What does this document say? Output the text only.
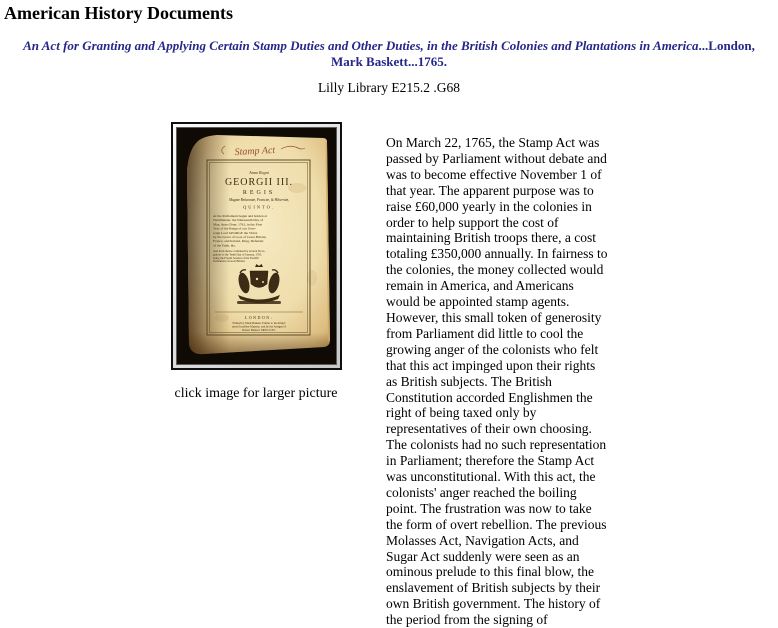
American History Documents
An Act for Granting and Applying Certain Stamp Duties and Other Duties, in the British Colonies and Plantations in America...London, Mark Baskett...1765.
Lilly Library E215.2 .G68
Stamp Act
Anno Regni
GEORGII III.
REGIS
Magnæ Britanniæ, Franciæ, & Hiberniæ,
QUINTO.
At the Parliament begun and holden at
Westminster, the Nineteenth Day of
May, Anno Dom. 1761, in the First
Year of the Reign of our Sove-
reign Lord GEORGE the Third,
by the Grace of God, of Great Britain,
France, and Ireland, King, Defender
of the Faith, &c.
And from thence continued by several Proro-
gations to the Tenth Day of January, 1765,
being the Fourth Session of the Twelfth
Parliament of Great Britain.
LONDON:
Printed by Mark Baskett, Printer to the King's
most Excellent Majesty; and by the Assigns of
Robert Baskett. MDCCLXV.
click image for larger picture
On March 22, 1765, the Stamp Act was passed by Parliament without debate and was to become effective November 1 of that year. The apparent purpose was to raise £60,000 yearly in the colonies in order to help support the cost of maintaining British troops there, a cost totaling £350,000 annually. In fairness to the colonies, the money collected would remain in America, and Americans would be appointed stamp agents. However, this small token of generosity from Parliament did little to cool the growing anger of the colonists who felt that this act impinged upon their rights as British subjects. The British Constitution accorded Englishmen the right of being taxed only by representatives of their own choosing. The colonists had no such representation in Parliament; therefore the Stamp Act was unconstitutional. With this act, the colonists' anger reached the boiling point. The frustration was now to take the form of overt rebellion. The previous Molasses Act, Navigation Acts, and Sugar Act suddenly were seen as an ominous prelude to this final blow, the enslavement of British subjects by their own British government. The history of the period from the signing of
